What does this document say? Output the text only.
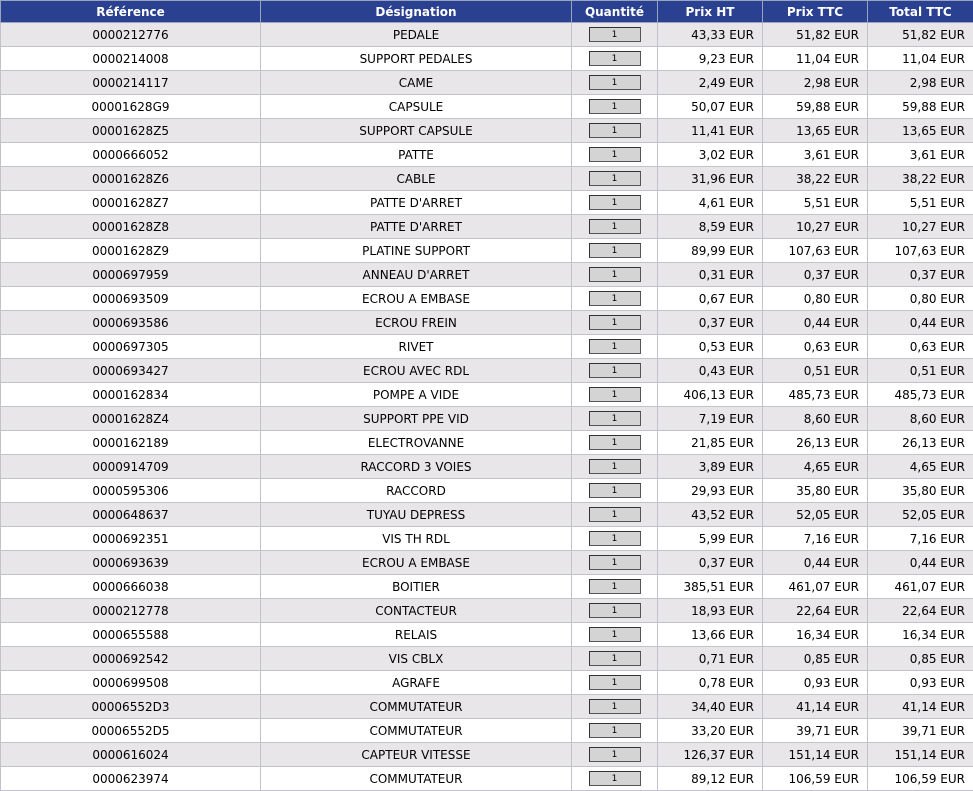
Référence	Désignation	Quantité	Prix HT	Prix TTC	Total TTC
0000212776	PEDALE	1	43,33 EUR	51,82 EUR	51,82 EUR
0000214008	SUPPORT PEDALES	1	9,23 EUR	11,04 EUR	11,04 EUR
0000214117	CAME	1	2,49 EUR	2,98 EUR	2,98 EUR
00001628G9	CAPSULE	1	50,07 EUR	59,88 EUR	59,88 EUR
00001628Z5	SUPPORT CAPSULE	1	11,41 EUR	13,65 EUR	13,65 EUR
0000666052	PATTE	1	3,02 EUR	3,61 EUR	3,61 EUR
00001628Z6	CABLE	1	31,96 EUR	38,22 EUR	38,22 EUR
00001628Z7	PATTE D'ARRET	1	4,61 EUR	5,51 EUR	5,51 EUR
00001628Z8	PATTE D'ARRET	1	8,59 EUR	10,27 EUR	10,27 EUR
00001628Z9	PLATINE SUPPORT	1	89,99 EUR	107,63 EUR	107,63 EUR
0000697959	ANNEAU D'ARRET	1	0,31 EUR	0,37 EUR	0,37 EUR
0000693509	ECROU A EMBASE	1	0,67 EUR	0,80 EUR	0,80 EUR
0000693586	ECROU FREIN	1	0,37 EUR	0,44 EUR	0,44 EUR
0000697305	RIVET	1	0,53 EUR	0,63 EUR	0,63 EUR
0000693427	ECROU AVEC RDL	1	0,43 EUR	0,51 EUR	0,51 EUR
0000162834	POMPE A VIDE	1	406,13 EUR	485,73 EUR	485,73 EUR
00001628Z4	SUPPORT PPE VID	1	7,19 EUR	8,60 EUR	8,60 EUR
0000162189	ELECTROVANNE	1	21,85 EUR	26,13 EUR	26,13 EUR
0000914709	RACCORD 3 VOIES	1	3,89 EUR	4,65 EUR	4,65 EUR
0000595306	RACCORD	1	29,93 EUR	35,80 EUR	35,80 EUR
0000648637	TUYAU DEPRESS	1	43,52 EUR	52,05 EUR	52,05 EUR
0000692351	VIS TH RDL	1	5,99 EUR	7,16 EUR	7,16 EUR
0000693639	ECROU A EMBASE	1	0,37 EUR	0,44 EUR	0,44 EUR
0000666038	BOITIER	1	385,51 EUR	461,07 EUR	461,07 EUR
0000212778	CONTACTEUR	1	18,93 EUR	22,64 EUR	22,64 EUR
0000655588	RELAIS	1	13,66 EUR	16,34 EUR	16,34 EUR
0000692542	VIS CBLX	1	0,71 EUR	0,85 EUR	0,85 EUR
0000699508	AGRAFE	1	0,78 EUR	0,93 EUR	0,93 EUR
00006552D3	COMMUTATEUR	1	34,40 EUR	41,14 EUR	41,14 EUR
00006552D5	COMMUTATEUR	1	33,20 EUR	39,71 EUR	39,71 EUR
0000616024	CAPTEUR VITESSE	1	126,37 EUR	151,14 EUR	151,14 EUR
0000623974	COMMUTATEUR	1	89,12 EUR	106,59 EUR	106,59 EUR
